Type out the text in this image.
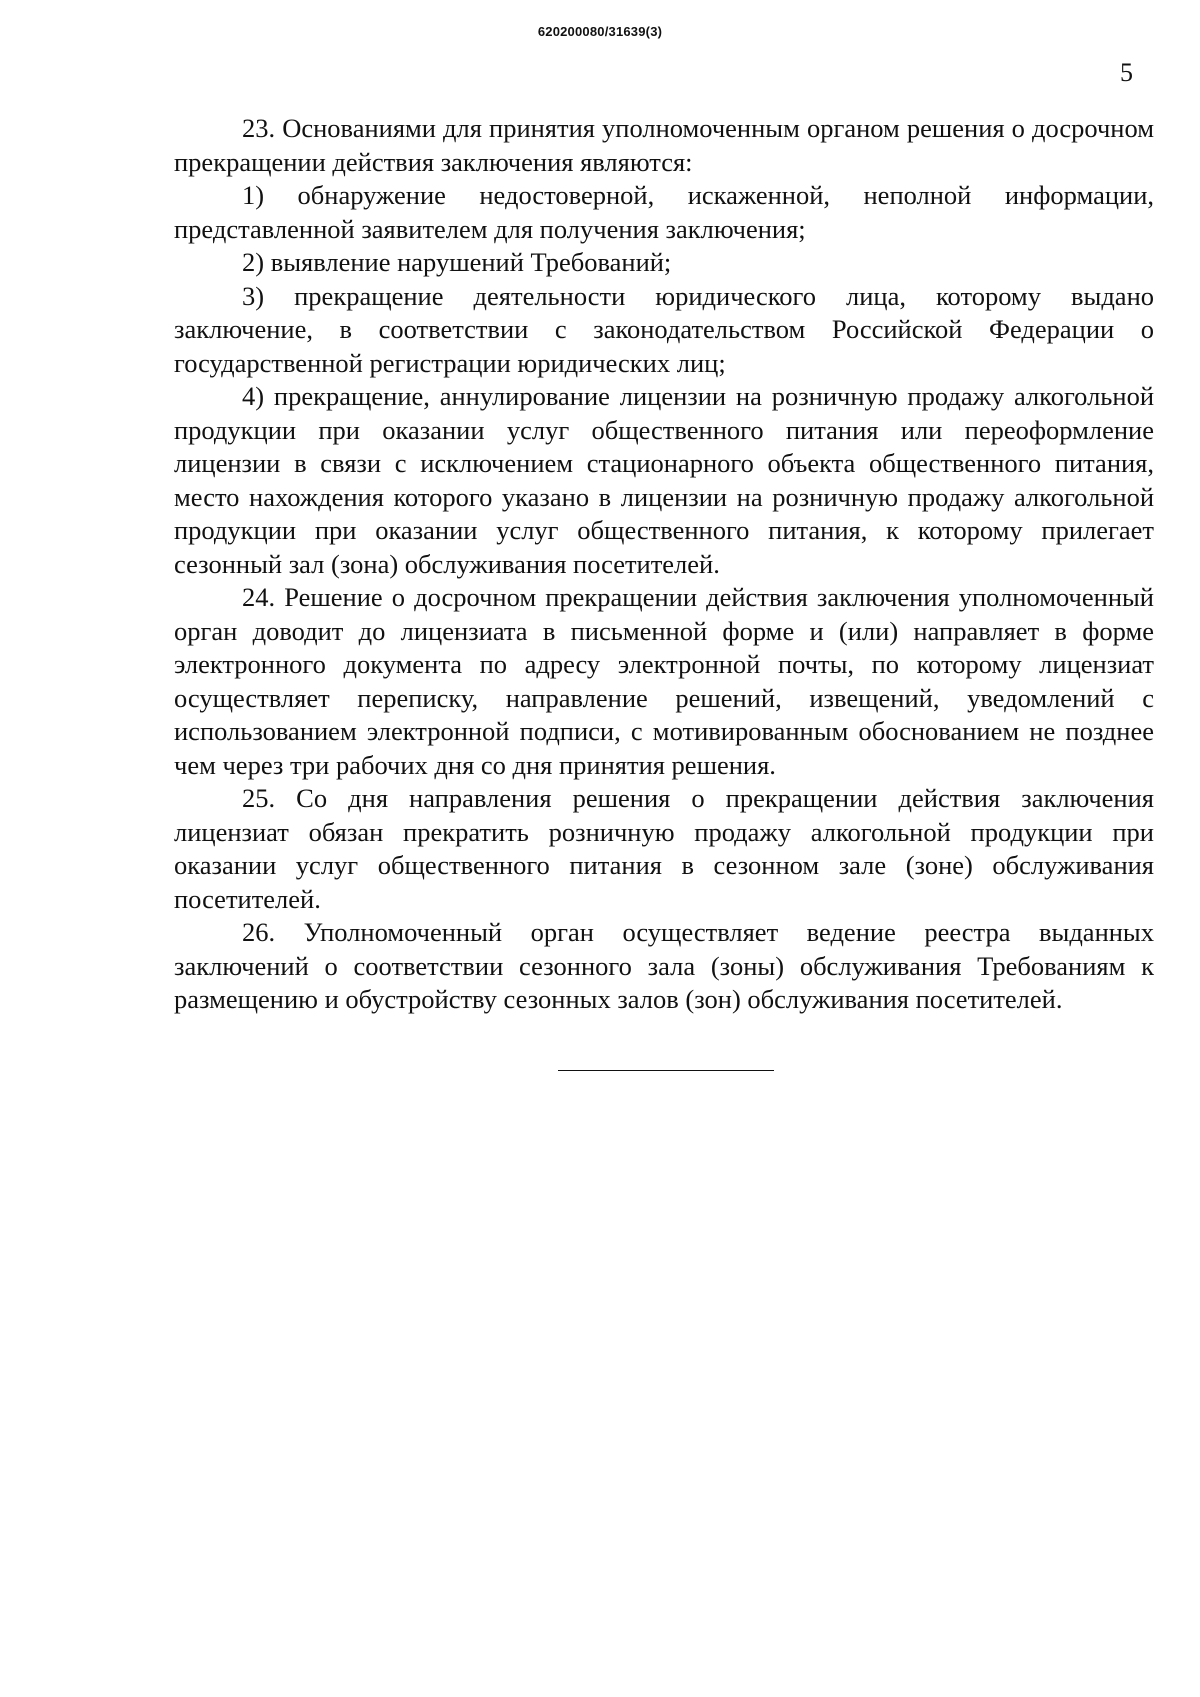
620200080/31639(3)
5

23. Основаниями для принятия уполномоченным органом решения о досрочном прекращении действия заключения являются:

1) обнаружение недостоверной, искаженной, неполной информации, представленной заявителем для получения заключения;

2) выявление нарушений Требований;

3) прекращение деятельности юридического лица, которому выдано заключение, в соответствии с законодательством Российской Федерации о государственной регистрации юридических лиц;

4) прекращение, аннулирование лицензии на розничную продажу алкогольной продукции при оказании услуг общественного питания или переоформление лицензии в связи с исключением стационарного объекта общественного питания, место нахождения которого указано в лицензии на розничную продажу алкогольной продукции при оказании услуг общественного питания, к которому прилегает сезонный зал (зона) обслуживания посетителей.

24. Решение о досрочном прекращении действия заключения уполномоченный орган доводит до лицензиата в письменной форме и (или) направляет в форме электронного документа по адресу электронной почты, по которому лицензиат осуществляет переписку, направление решений, извещений, уведомлений с использованием электронной подписи, с мотивированным обоснованием не позднее чем через три рабочих дня со дня принятия решения.

25. Со дня направления решения о прекращении действия заключения лицензиат обязан прекратить розничную продажу алкогольной продукции при оказании услуг общественного питания в сезонном зале (зоне) обслуживания посетителей.

26. Уполномоченный орган осуществляет ведение реестра выданных заключений о соответствии сезонного зала (зоны) обслуживания Требованиям к размещению и обустройству сезонных залов (зон) обслуживания посетителей.
